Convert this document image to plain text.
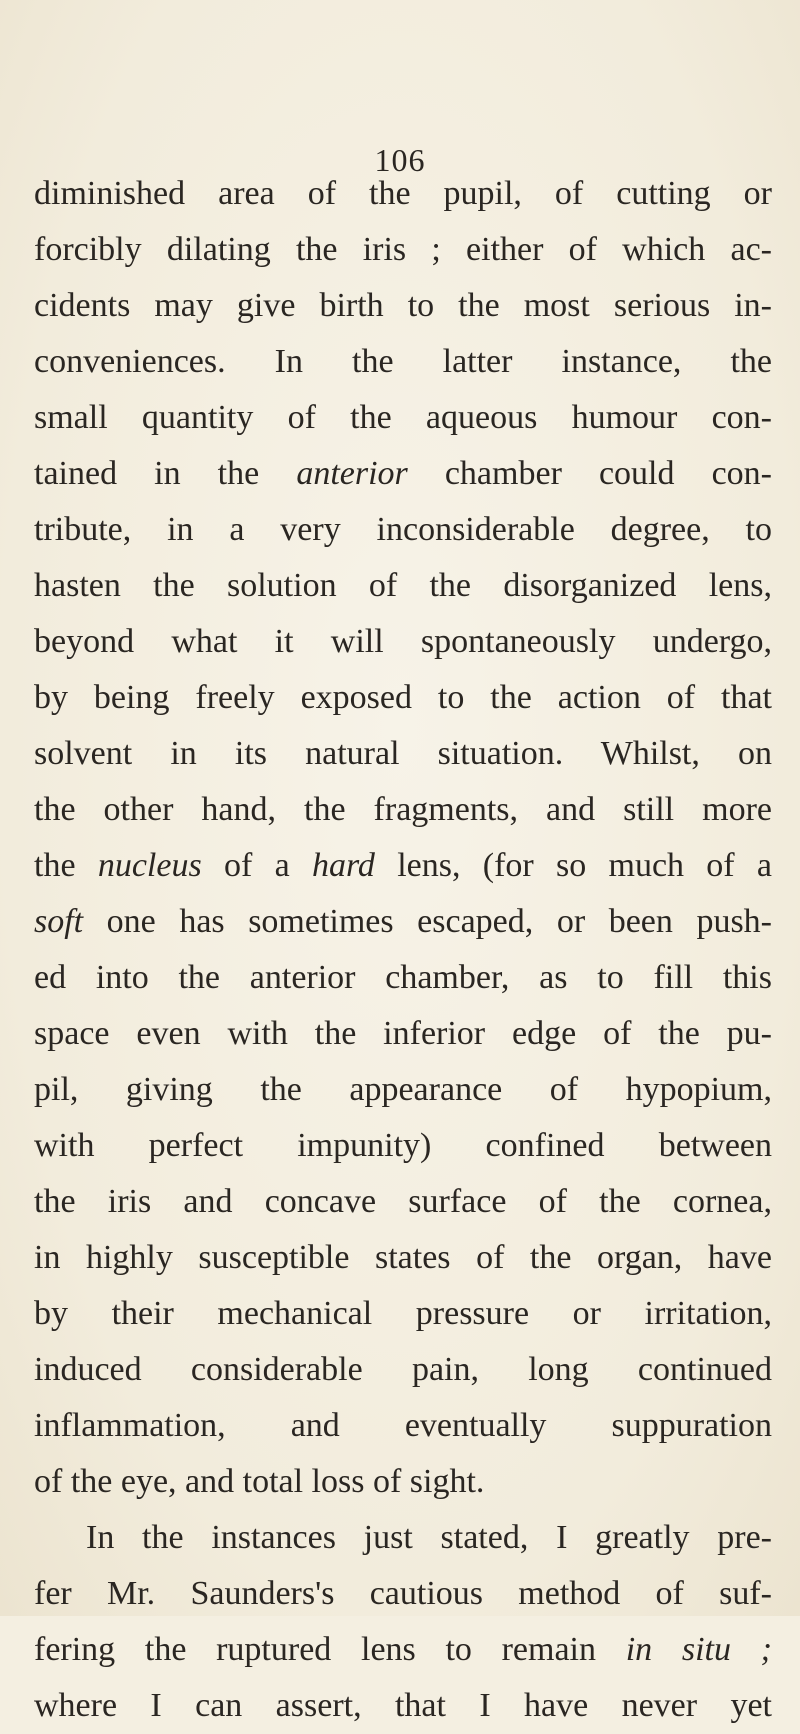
106
diminished area of the pupil, of cutting or
forcibly dilating the iris ; either of which ac-
cidents may give birth to the most serious in-
conveniences. In the latter instance, the
small quantity of the aqueous humour con-
tained in the anterior chamber could con-
tribute, in a very inconsiderable degree, to
hasten the solution of the disorganized lens,
beyond what it will spontaneously undergo,
by being freely exposed to the action of that
solvent in its natural situation. Whilst, on
the other hand, the fragments, and still more
the nucleus of a hard lens, (for so much of a
soft one has sometimes escaped, or been push-
ed into the anterior chamber, as to fill this
space even with the inferior edge of the pu-
pil, giving the appearance of hypopium,
with perfect impunity) confined between
the iris and concave surface of the cornea,
in highly susceptible states of the organ, have
by their mechanical pressure or irritation,
induced considerable pain, long continued
inflammation, and eventually suppuration
of the eye, and total loss of sight.
In the instances just stated, I greatly pre-
fer Mr. Saunders's cautious method of suf-
fering the ruptured lens to remain in situ ;
where I can assert, that I have never yet
